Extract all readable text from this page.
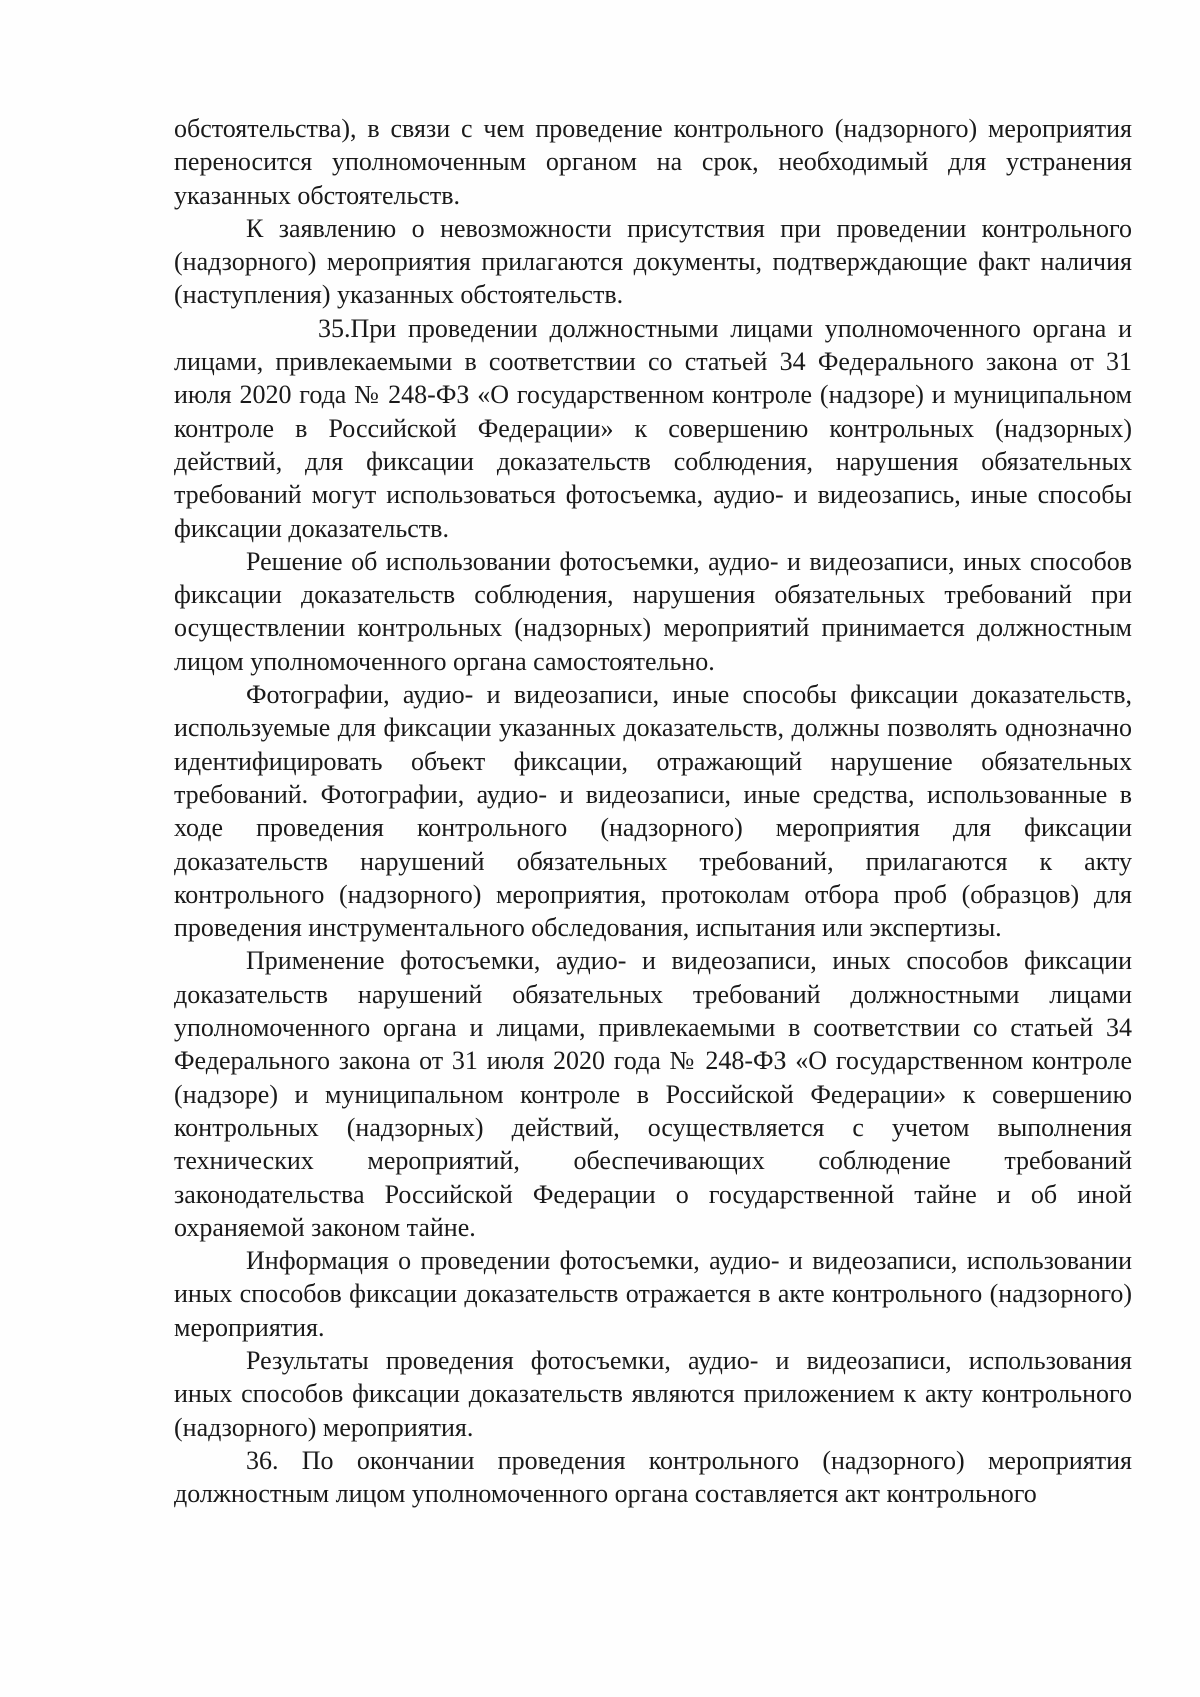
обстоятельства), в связи с чем проведение контрольного (надзорного) мероприятия переносится уполномоченным органом на срок, необходимый для устранения указанных обстоятельств.

К заявлению о невозможности присутствия при проведении контрольного (надзорного) мероприятия прилагаются документы, подтверждающие факт наличия (наступления) указанных обстоятельств.

35.При проведении должностными лицами уполномоченного органа и лицами, привлекаемыми в соответствии со статьей 34 Федерального закона от 31 июля 2020 года № 248-ФЗ «О государственном контроле (надзоре) и муниципальном контроле в Российской Федерации» к совершению контрольных (надзорных) действий, для фиксации доказательств соблюдения, нарушения обязательных требований могут использоваться фотосъемка, аудио- и видеозапись, иные способы фиксации доказательств.

Решение об использовании фотосъемки, аудио- и видеозаписи, иных способов фиксации доказательств соблюдения, нарушения обязательных требований при осуществлении контрольных (надзорных) мероприятий принимается должностным лицом уполномоченного органа самостоятельно.

Фотографии, аудио- и видеозаписи, иные способы фиксации доказательств, используемые для фиксации указанных доказательств, должны позволять однозначно идентифицировать объект фиксации, отражающий нарушение обязательных требований. Фотографии, аудио- и видеозаписи, иные средства, использованные в ходе проведения контрольного (надзорного) мероприятия для фиксации доказательств нарушений обязательных требований, прилагаются к акту контрольного (надзорного) мероприятия, протоколам отбора проб (образцов) для проведения инструментального обследования, испытания или экспертизы.

Применение фотосъемки, аудио- и видеозаписи, иных способов фиксации доказательств нарушений обязательных требований должностными лицами уполномоченного органа и лицами, привлекаемыми в соответствии со статьей 34 Федерального закона от 31 июля 2020 года № 248-ФЗ «О государственном контроле (надзоре) и муниципальном контроле в Российской Федерации» к совершению контрольных (надзорных) действий, осуществляется с учетом выполнения технических мероприятий, обеспечивающих соблюдение требований законодательства Российской Федерации о государственной тайне и об иной охраняемой законом тайне.

Информация о проведении фотосъемки, аудио- и видеозаписи, использовании иных способов фиксации доказательств отражается в акте контрольного (надзорного) мероприятия.

Результаты проведения фотосъемки, аудио- и видеозаписи, использования иных способов фиксации доказательств являются приложением к акту контрольного (надзорного) мероприятия.

36. По окончании проведения контрольного (надзорного) мероприятия должностным лицом уполномоченного органа составляется акт контрольного
